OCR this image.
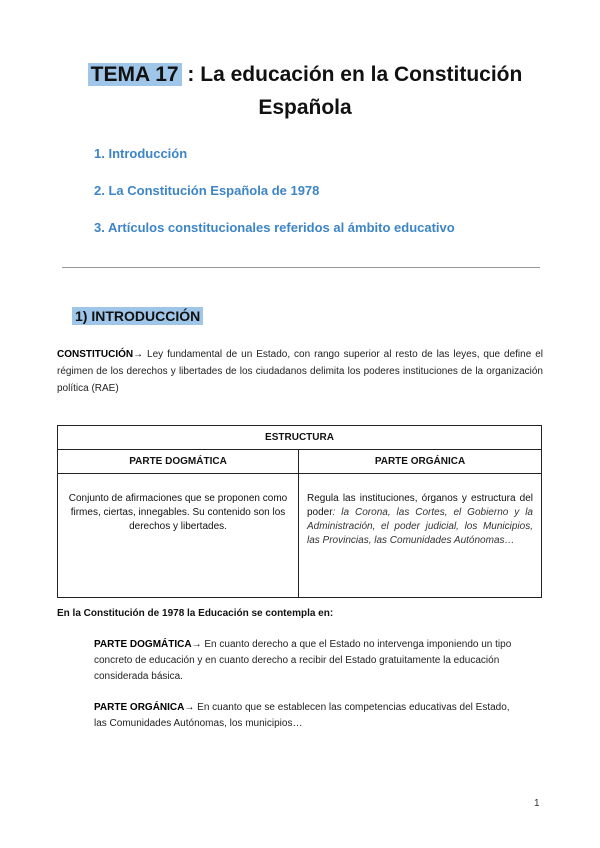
TEMA 17 : La educación en la Constitución
Española
1. Introducción
2. La Constitución Española de 1978
3. Artículos constitucionales referidos al ámbito educativo
1) INTRODUCCIÓN
CONSTITUCIÓN→ Ley fundamental de un Estado, con rango superior al resto de las leyes, que define el régimen de los derechos y libertades de los ciudadanos delimita los poderes instituciones de la organización política (RAE)
ESTRUCTURA	
PARTE DOGMÁTICA	PARTE ORGÁNICA
Conjunto de afirmaciones que se proponen como firmes, ciertas, innegables. Su contenido son los derechos y libertades.	Regula las instituciones, órganos y estructura del poder: la Corona, las Cortes, el Gobierno y la Administración, el poder judicial, los Municipios, las Provincias, las Comunidades Autónomas…
En la Constitución de 1978 la Educación se contempla en:
PARTE DOGMÁTICA→ En cuanto derecho a que el Estado no intervenga imponiendo un tipo concreto de educación y en cuanto derecho a recibir del Estado gratuitamente la educación considerada básica.
PARTE ORGÁNICA→ En cuanto que se establecen las competencias educativas del Estado, las Comunidades Autónomas, los municipios…
1
